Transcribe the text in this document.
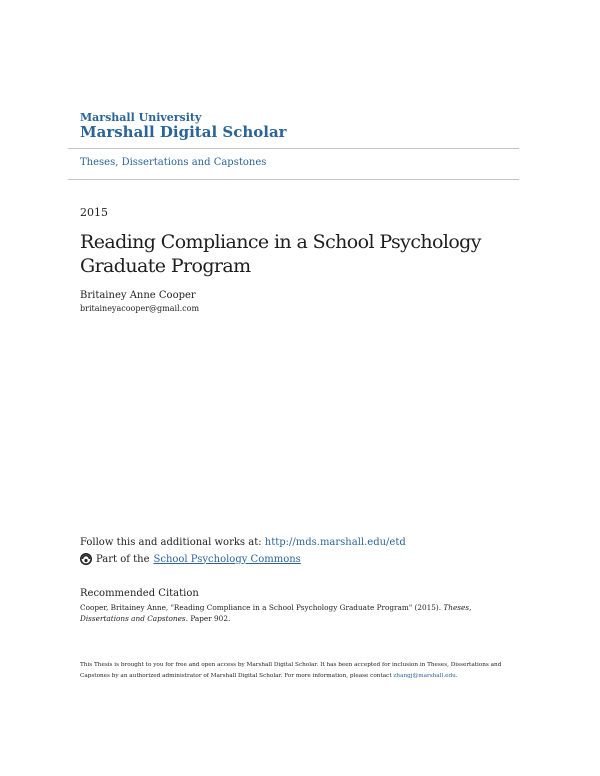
Marshall University
Marshall Digital Scholar
Theses, Dissertations and Capstones
2015
Reading Compliance in a School Psychology Graduate Program
Britainey Anne Cooper
britaineyacooper@gmail.com
Follow this and additional works at: http://mds.marshall.edu/etd
Part of the School Psychology Commons
Recommended Citation
Cooper, Britainey Anne, "Reading Compliance in a School Psychology Graduate Program" (2015). Theses, Dissertations and Capstones. Paper 902.
This Thesis is brought to you for free and open access by Marshall Digital Scholar. It has been accepted for inclusion in Theses, Dissertations and Capstones by an authorized administrator of Marshall Digital Scholar. For more information, please contact zhangj@marshall.edu.
